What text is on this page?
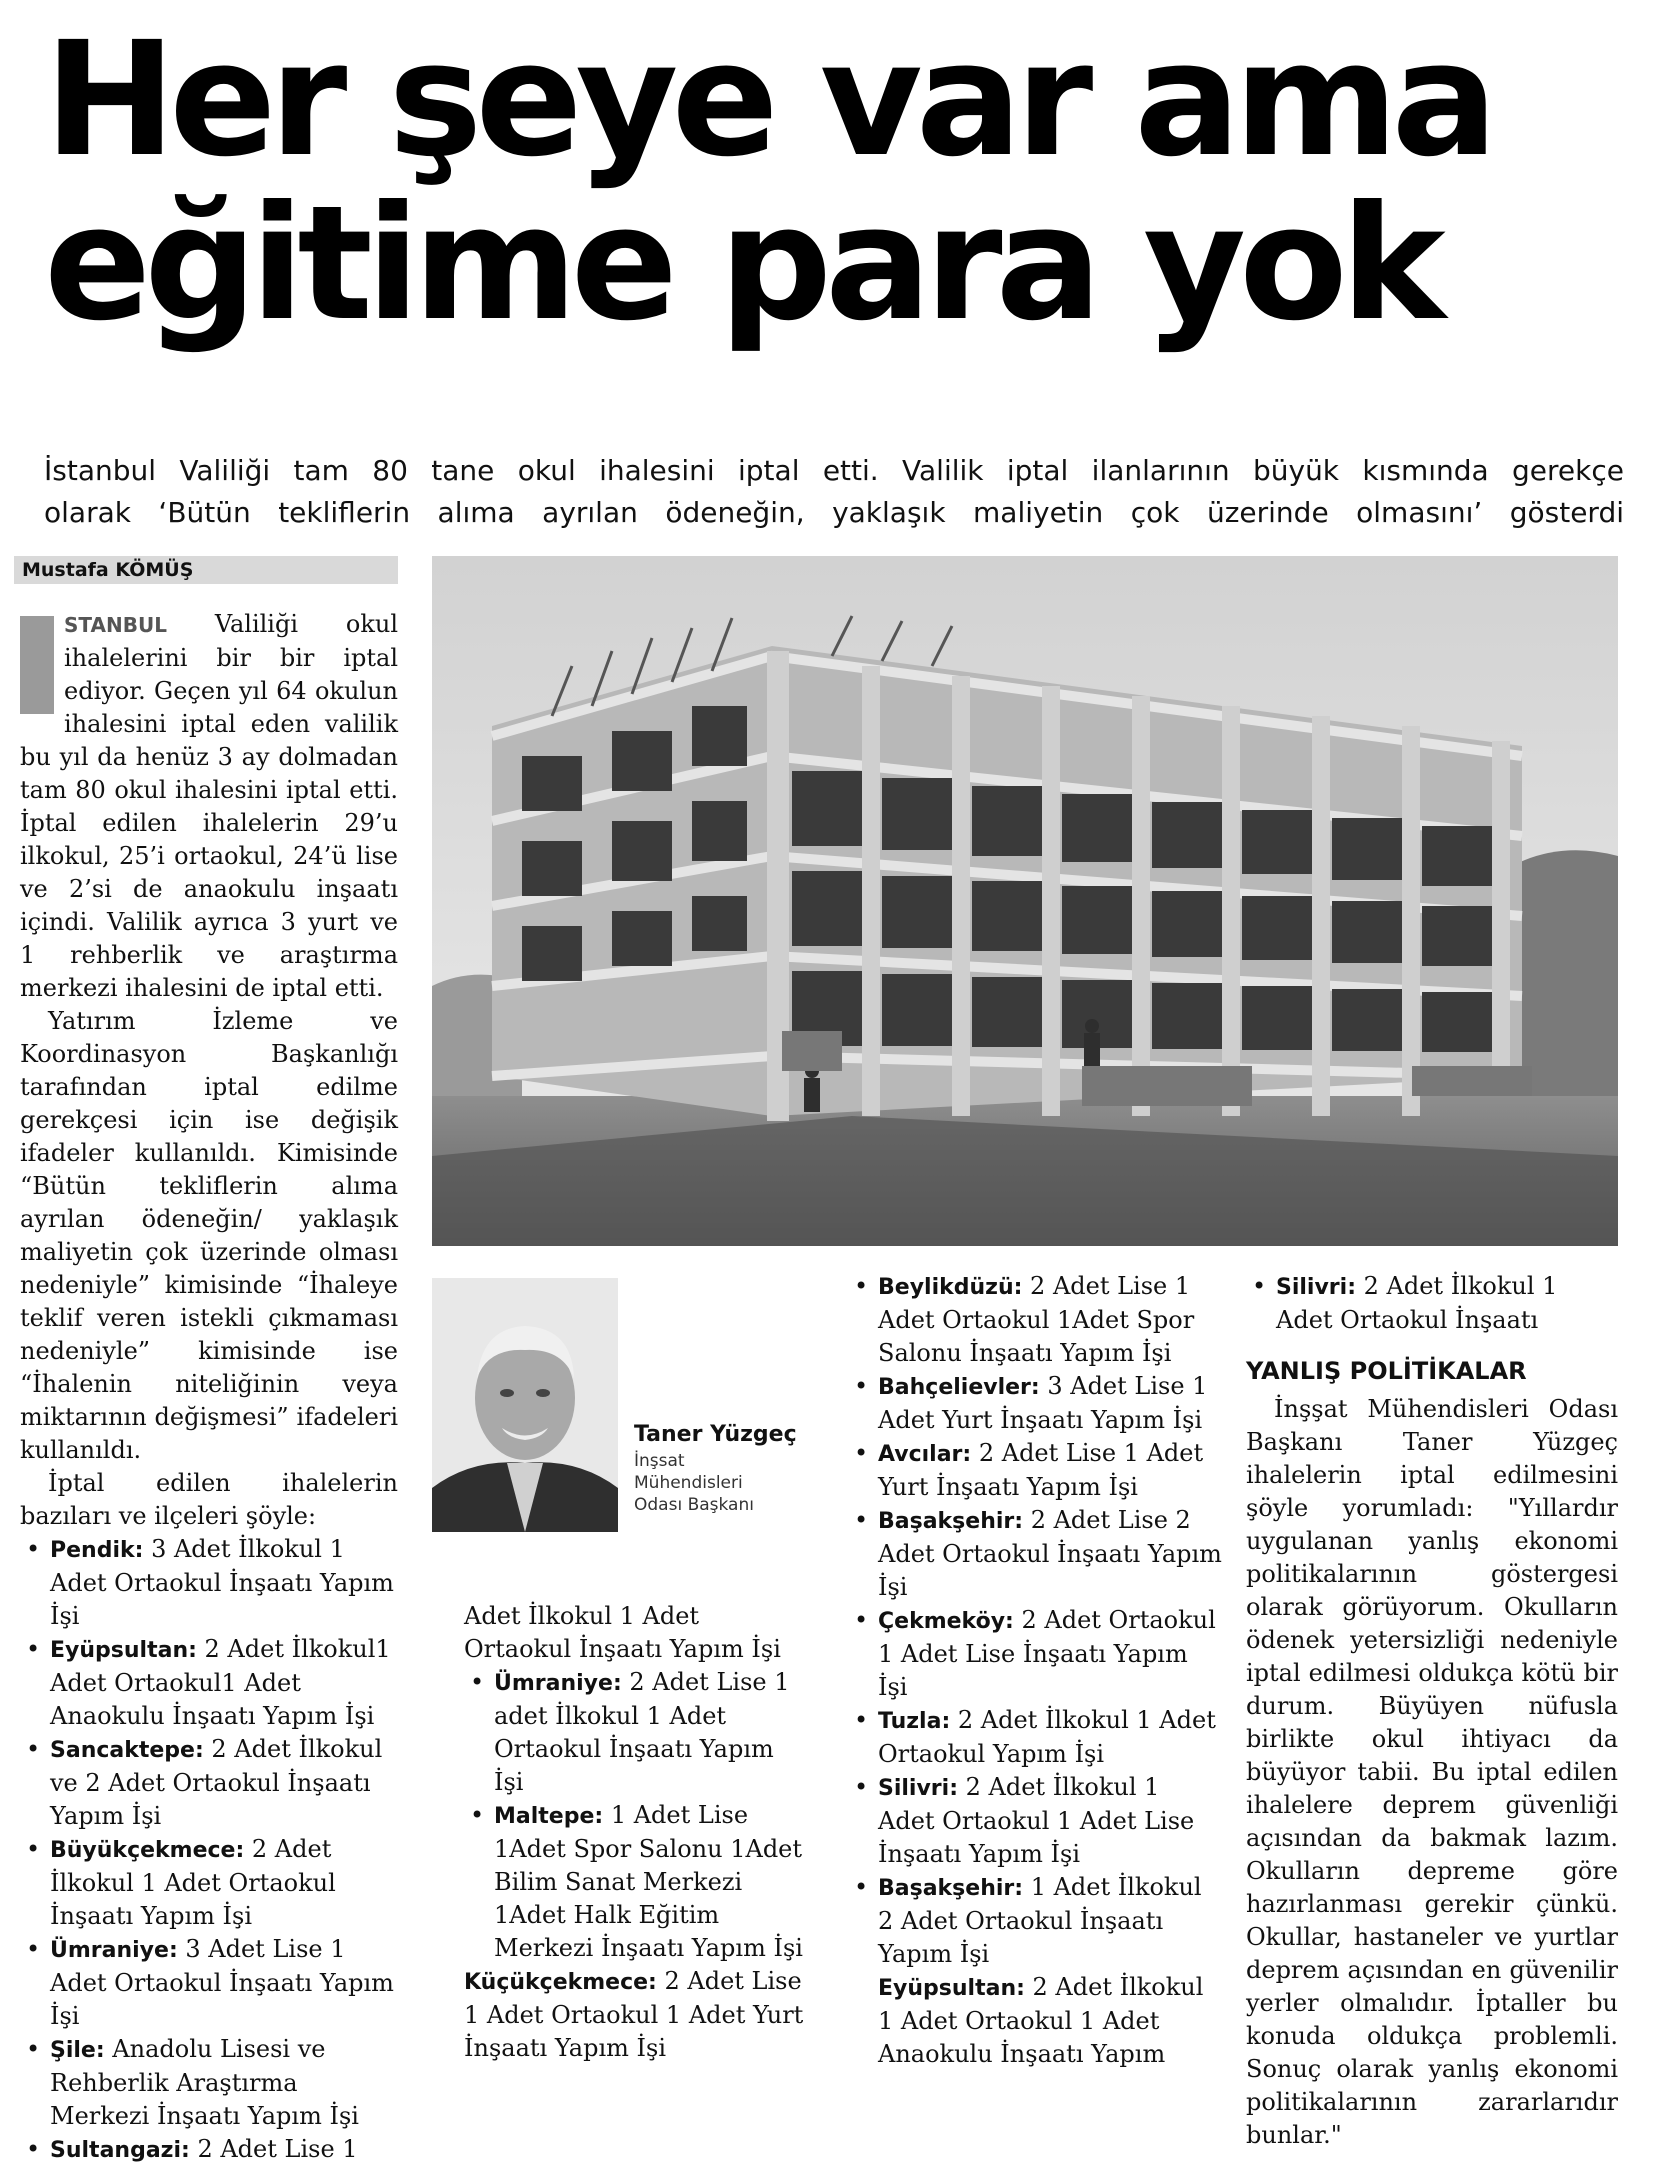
Her şeye var ama
eğitime para yok
İstanbul Valiliği tam 80 tane okul ihalesini iptal etti. Valilik iptal ilanlarının büyük kısmında gerekçe
olarak ‘Bütün tekliflerin alıma ayrılan ödeneğin, yaklaşık maliyetin çok üzerinde olmasını’ gösterdi
Mustafa KÖMÜŞ

STANBUL Valiliği okul ihalelerini bir bir iptal ediyor. Geçen yıl 64 okulun ihalesini iptal eden valilik bu yıl da henüz 3 ay dolmadan tam 80 okul ihalesini iptal etti. İptal edilen ihalelerin 29’u ilkokul, 25’i ortaokul, 24’ü lise ve 2’si de anaokulu inşaatı içindi. Valilik ayrıca 3 yurt ve 1 rehberlik ve araştırma merkezi ihalesini de iptal etti.

Yatırım İzleme ve Koordinasyon Başkanlığı tarafından iptal edilme gerekçesi için ise değişik ifadeler kullanıldı. Kimisinde “Bütün tekliflerin alıma ayrılan ödeneğin/ yaklaşık maliyetin çok üzerinde olması nedeniyle” kimisinde “İhaleye teklif veren istekli çıkmaması nedeniyle” kimisinde ise “İhalenin niteliğinin veya miktarının değişmesi” ifadeleri kullanıldı.

İptal edilen ihalelerin bazıları ve ilçeleri şöyle:

• Pendik: 3 Adet İlkokul 1 Adet Ortaokul İnşaatı Yapım İşi
• Eyüpsultan: 2 Adet İlkokul1 Adet Ortaokul1 Adet Anaokulu İnşaatı Yapım İşi
• Sancaktepe: 2 Adet İlkokul ve 2 Adet Ortaokul İnşaatı Yapım İşi
• Büyükçekmece: 2 Adet İlkokul 1 Adet Ortaokul İnşaatı Yapım İşi
• Ümraniye: 3 Adet Lise 1 Adet Ortaokul İnşaatı Yapım İşi
• Şile: Anadolu Lisesi ve Rehberlik Araştırma Merkezi İnşaatı Yapım İşi
• Sultangazi: 2 Adet Lise 1
Adet İlkokul 1 Adet Ortaokul İnşaatı Yapım İşi
• Ümraniye: 2 Adet Lise 1 adet İlkokul 1 Adet Ortaokul İnşaatı Yapım İşi
• Maltepe: 1 Adet Lise 1Adet Spor Salonu 1Adet Bilim Sanat Merkezi 1Adet Halk Eğitim Merkezi İnşaatı Yapım İşi
Küçükçekmece: 2 Adet Lise 1 Adet Ortaokul 1 Adet Yurt İnşaatı Yapım İşi
Taner Yüzgeç
İnşsat Mühendisleri Odası Başkanı
• Beylikdüzü: 2 Adet Lise 1 Adet Ortaokul 1Adet Spor Salonu İnşaatı Yapım İşi
• Bahçelievler: 3 Adet Lise 1 Adet Yurt İnşaatı Yapım İşi
• Avcılar: 2 Adet Lise 1 Adet Yurt İnşaatı Yapım İşi
• Başakşehir: 2 Adet Lise 2 Adet Ortaokul İnşaatı Yapım İşi
• Çekmeköy: 2 Adet Ortaokul 1 Adet Lise İnşaatı Yapım İşi
• Tuzla: 2 Adet İlkokul 1 Adet Ortaokul Yapım İşi
• Silivri: 2 Adet İlkokul 1 Adet Ortaokul 1 Adet Lise İnşaatı Yapım İşi
• Başakşehir: 1 Adet İlkokul 2 Adet Ortaokul İnşaatı Yapım İşi
Eyüpsultan: 2 Adet İlkokul 1 Adet Ortaokul 1 Adet Anaokulu İnşaatı Yapım
• Silivri: 2 Adet İlkokul 1 Adet Ortaokul İnşaatı
YANLIŞ POLİTİKALAR

İnşşat Mühendisleri Odası Başkanı Taner Yüzgeç ihalelerin iptal edilmesini şöyle yorumladı: "Yıllardır uygulanan yanlış ekonomi politikalarının göstergesi olarak görüyorum. Okulların ödenek yetersizliği nedeniyle iptal edilmesi oldukça kötü bir durum. Büyüyen nüfusla birlikte okul ihtiyacı da büyüyor tabii. Bu iptal edilen ihalelere deprem güvenliği açısından da bakmak lazım. Okulların depreme göre hazırlanması gerekir çünkü. Okullar, hastaneler ve yurtlar deprem açısından en güvenilir yerler olmalıdır. İptaller bu konuda oldukça problemli. Sonuç olarak yanlış ekonomi politikalarının zararlarıdır bunlar."
